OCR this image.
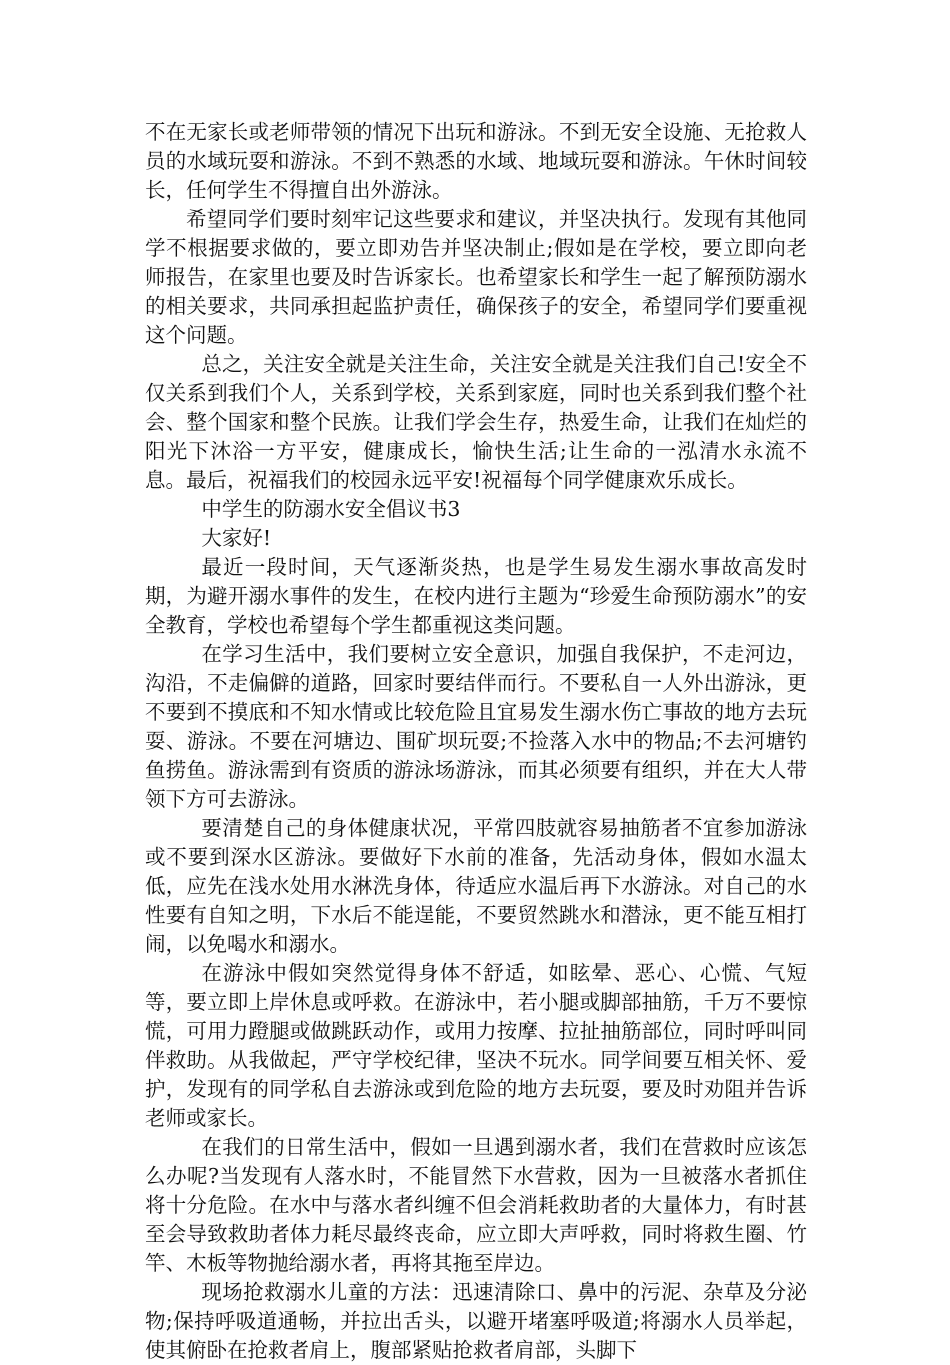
不在无家长或老师带领的情况下出玩和游泳。不到无安全设施、无抢救人员的水域玩耍和游泳。不到不熟悉的水域、地域玩耍和游泳。午休时间较长，任何学生不得擅自出外游泳。

希望同学们要时刻牢记这些要求和建议，并坚决执行。发现有其他同学不根据要求做的，要立即劝告并坚决制止;假如是在学校，要立即向老师报告，在家里也要及时告诉家长。也希望家长和学生一起了解预防溺水的相关要求，共同承担起监护责任，确保孩子的安全，希望同学们要重视这个问题。

总之，关注安全就是关注生命，关注安全就是关注我们自己!安全不仅关系到我们个人，关系到学校，关系到家庭，同时也关系到我们整个社会、整个国家和整个民族。让我们学会生存，热爱生命，让我们在灿烂的阳光下沐浴一方平安，健康成长，愉快生活;让生命的一泓清水永流不息。最后，祝福我们的校园永远平安!祝福每个同学健康欢乐成长。

中学生的防溺水安全倡议书3

大家好!

最近一段时间，天气逐渐炎热，也是学生易发生溺水事故高发时期，为避开溺水事件的发生，在校内进行主题为“珍爱生命预防溺水”的安全教育，学校也希望每个学生都重视这类问题。

在学习生活中，我们要树立安全意识，加强自我保护，不走河边，沟沿，不走偏僻的道路，回家时要结伴而行。不要私自一人外出游泳，更不要到不摸底和不知水情或比较危险且宜易发生溺水伤亡事故的地方去玩耍、游泳。不要在河塘边、围矿坝玩耍;不捡落入水中的物品;不去河塘钓鱼捞鱼。游泳需到有资质的游泳场游泳，而其必须要有组织，并在大人带领下方可去游泳。

要清楚自己的身体健康状况，平常四肢就容易抽筋者不宜参加游泳或不要到深水区游泳。要做好下水前的准备，先活动身体，假如水温太低，应先在浅水处用水淋洗身体，待适应水温后再下水游泳。对自己的水性要有自知之明，下水后不能逞能，不要贸然跳水和潜泳，更不能互相打闹，以免喝水和溺水。

在游泳中假如突然觉得身体不舒适，如眩晕、恶心、心慌、气短等，要立即上岸休息或呼救。在游泳中，若小腿或脚部抽筋，千万不要惊慌，可用力蹬腿或做跳跃动作，或用力按摩、拉扯抽筋部位，同时呼叫同伴救助。从我做起，严守学校纪律，坚决不玩水。同学间要互相关怀、爱护，发现有的同学私自去游泳或到危险的地方去玩耍，要及时劝阻并告诉老师或家长。

在我们的日常生活中，假如一旦遇到溺水者，我们在营救时应该怎么办呢?当发现有人落水时，不能冒然下水营救，因为一旦被落水者抓住将十分危险。在水中与落水者纠缠不但会消耗救助者的大量体力，有时甚至会导致救助者体力耗尽最终丧命，应立即大声呼救，同时将救生圈、竹竿、木板等物抛给溺水者，再将其拖至岸边。

现场抢救溺水儿童的方法：迅速清除口、鼻中的污泥、杂草及分泌物;保持呼吸道通畅，并拉出舌头，以避开堵塞呼吸道;将溺水人员举起，使其俯卧在抢救者肩上，腹部紧贴抢救者肩部，头脚下
